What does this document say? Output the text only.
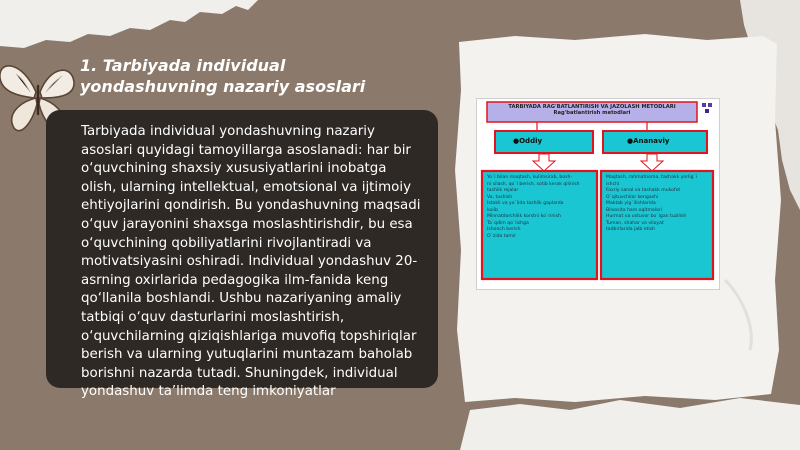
1. Tarbiyada individual yondashuvning nazariy asoslari
Tarbiyada individual yondashuvning nazariy asoslari quyidagi tamoyillarga asoslanadi: har bir o‘quvchining shaxsiy xususiyatlarini inobatga olish, ularning intellektual, emotsional va ijtimoiy ehtiyojlarini qondirish. Bu yondashuvning maqsadi o‘quv jarayonini shaxsga moslashtirishdir, bu esa o‘quvchining qobiliyatlarini rivojlantiradi va motivatsiyasini oshiradi. Individual yondashuv 20-asrning oxirlarida pedagogika ilm-fanida keng qo‘llanila boshlandi. Ushbu nazariyaning amaliy tatbiqi o‘quv dasturlarini moslashtirish, o‘quvchilarning qiziqishlariga muvofiq topshiriqlar berish va ularning yutuqlarini muntazam baholab borishni nazarda tutadi. Shuningdek, individual yondashuv ta’limda teng imkoniyatlar
TARBIYADA RAG'BATLANTIRISH VA JAZOLASH METODLARI
Rag'batlantirish metodlari
●Oddiy	●Ananaviy
Yo`l bilan maqtash, kulimsirab, bosh-
ni silash, qo`l berish, sotib kerak qilinish
tashlik rejalar
Va, tushish
Istakli va yo`lida tashlik gaplarda
kulib
Minnatdorchilik korstni ko`rinish
Ta`qdim qo`lishga
Ishonch berish
O`zida tamir
Maqtash, rahmatnoma, tashakk yorlig`i
ishchi
Faxriy sanal va tashakk mukofot
O`qituvchilar kengashi
Maktab yig`ilishlarida
Bilvosita ham oqitmalari
Hurmat va ustuvor bo`lgan tuzilish
Tuman, shahar va viloyat
tadbirlarida jalb etish
